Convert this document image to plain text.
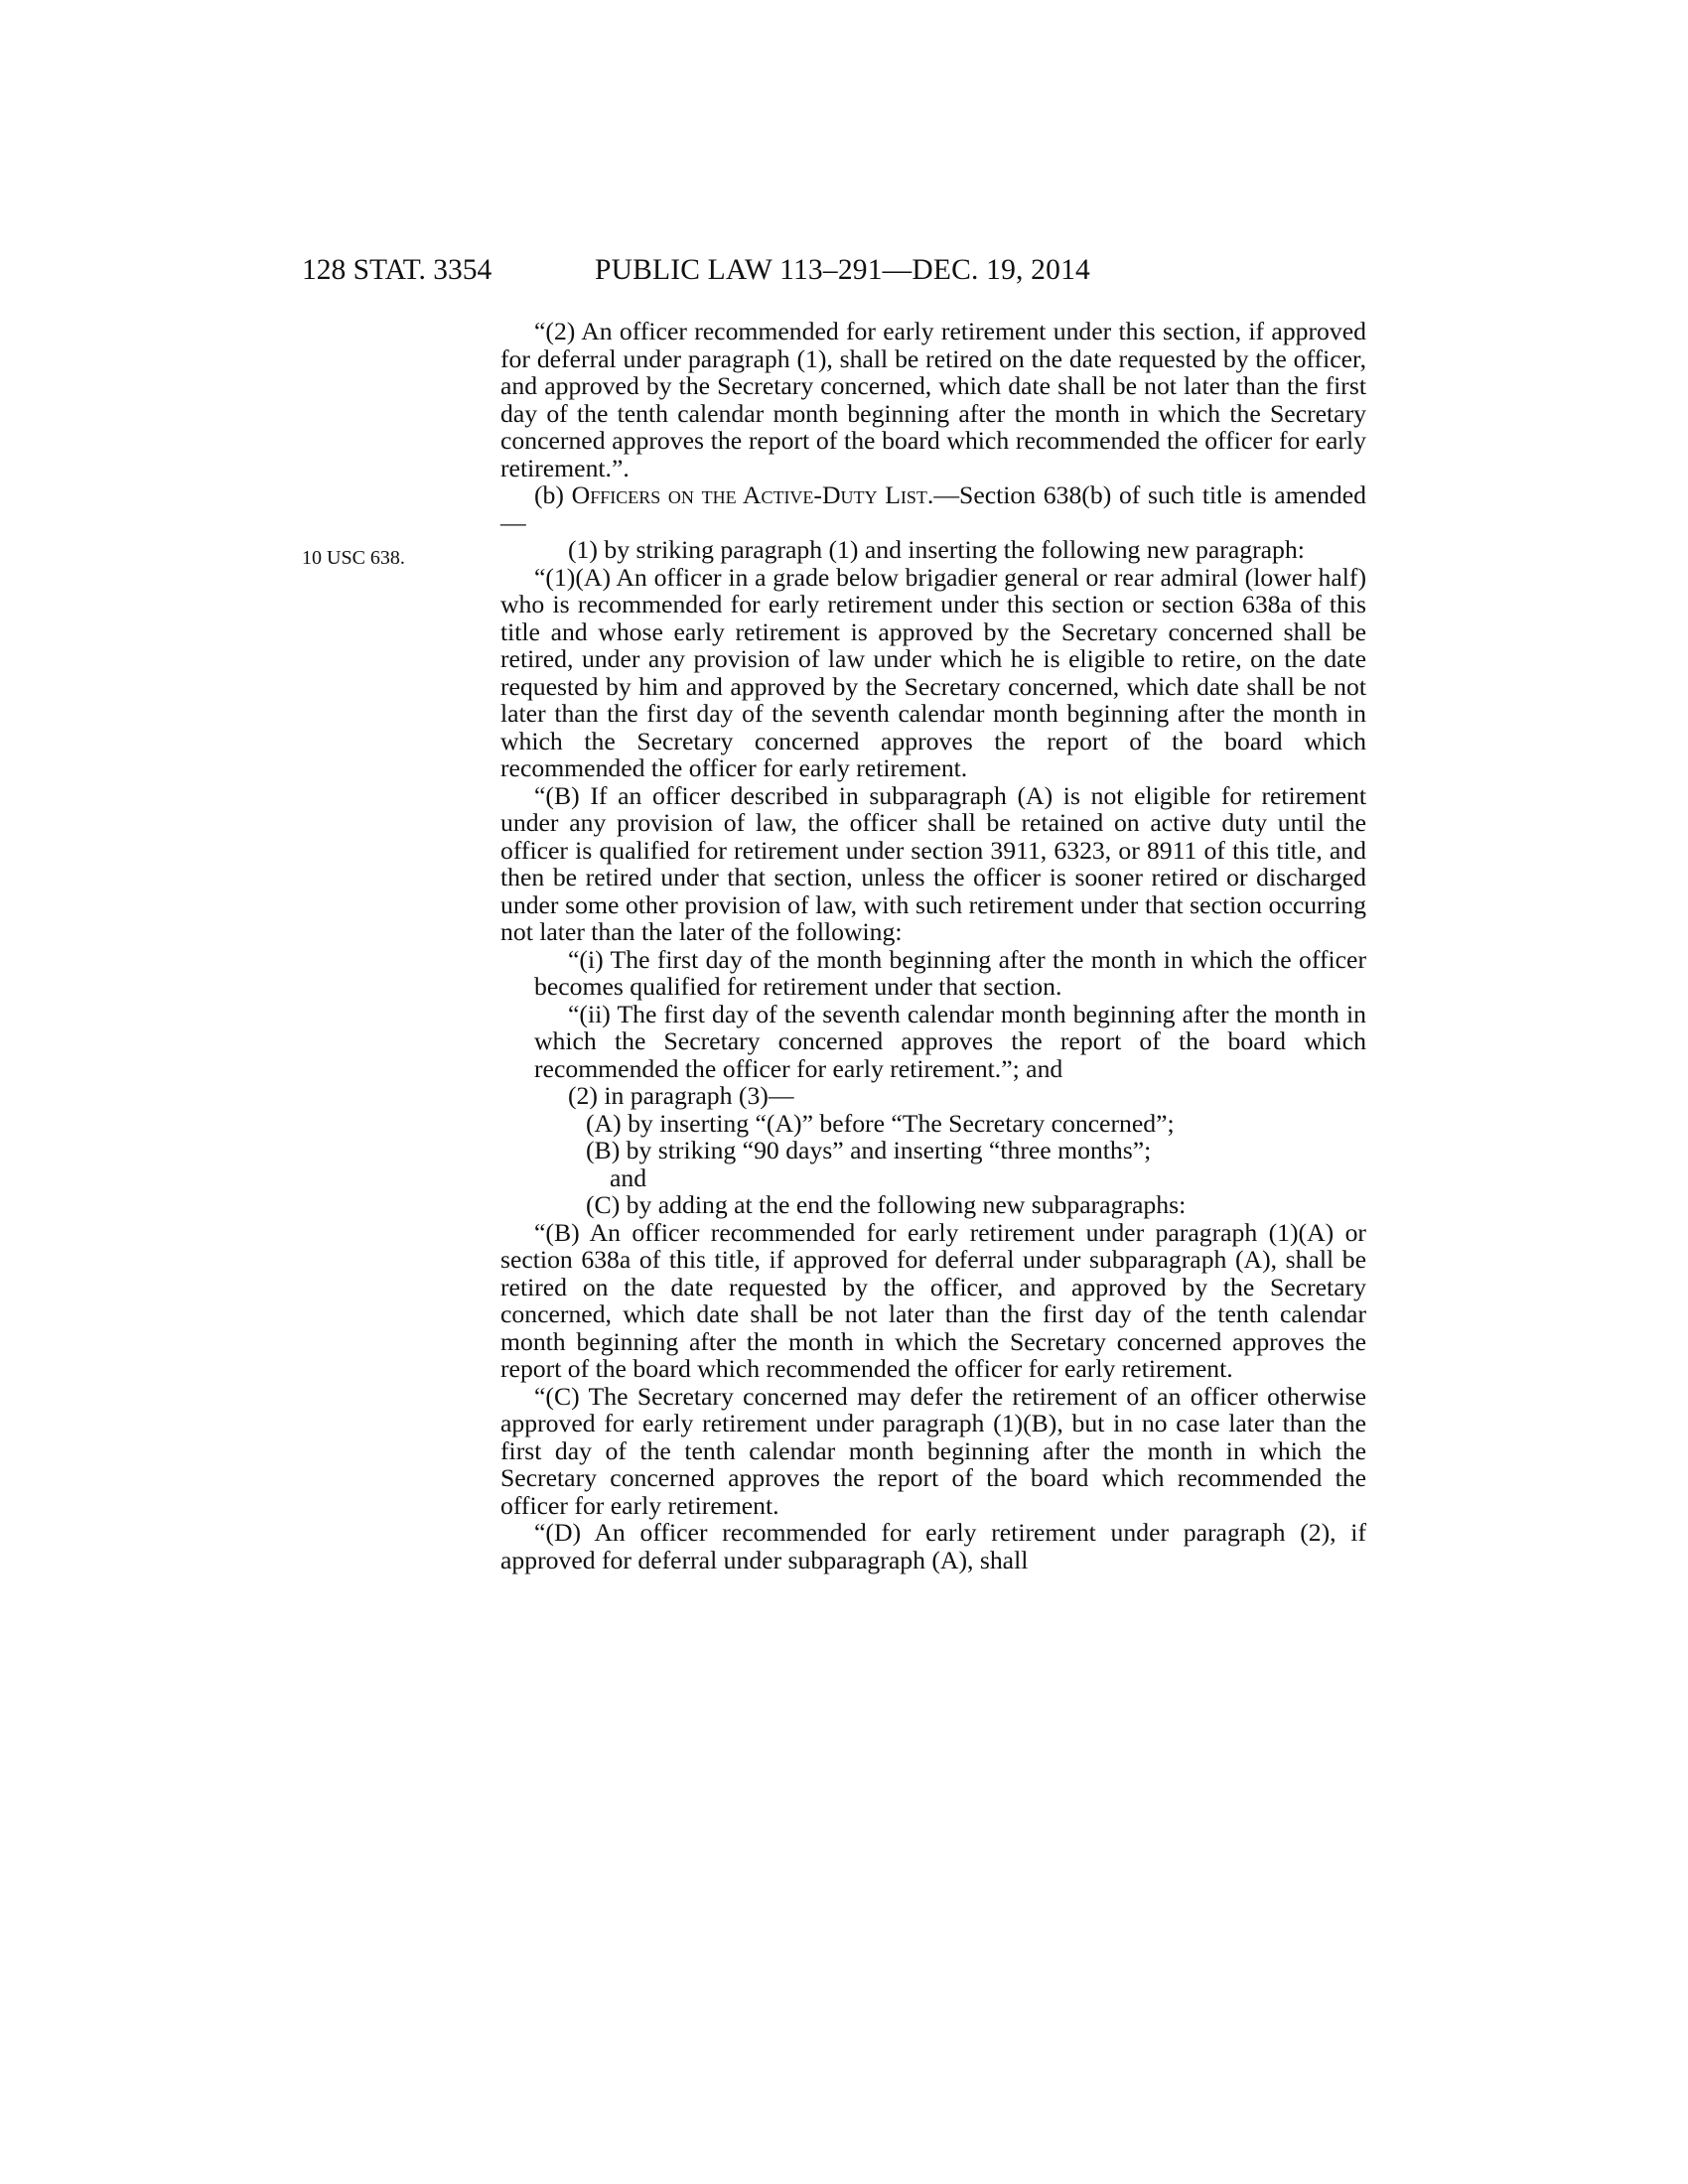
128 STAT. 3354	PUBLIC LAW 113–291—DEC. 19, 2014
10 USC 638.

“(2) An officer recommended for early retirement under this section, if approved for deferral under paragraph (1), shall be retired on the date requested by the officer, and approved by the Secretary concerned, which date shall be not later than the first day of the tenth calendar month beginning after the month in which the Secretary concerned approves the report of the board which recommended the officer for early retirement.”.

(b) Officers on the Active-Duty List.—Section 638(b) of such title is amended—

(1) by striking paragraph (1) and inserting the following new paragraph:

“(1)(A) An officer in a grade below brigadier general or rear admiral (lower half) who is recommended for early retirement under this section or section 638a of this title and whose early retirement is approved by the Secretary concerned shall be retired, under any provision of law under which he is eligible to retire, on the date requested by him and approved by the Secretary concerned, which date shall be not later than the first day of the seventh calendar month beginning after the month in which the Secretary concerned approves the report of the board which recommended the officer for early retirement.

“(B) If an officer described in subparagraph (A) is not eligible for retirement under any provision of law, the officer shall be retained on active duty until the officer is qualified for retirement under section 3911, 6323, or 8911 of this title, and then be retired under that section, unless the officer is sooner retired or discharged under some other provision of law, with such retirement under that section occurring not later than the later of the following:

“(i) The first day of the month beginning after the month in which the officer becomes qualified for retirement under that section.

“(ii) The first day of the seventh calendar month beginning after the month in which the Secretary concerned approves the report of the board which recommended the officer for early retirement.”; and

(2) in paragraph (3)—

(A) by inserting “(A)” before “The Secretary concerned”;

(B) by striking “90 days” and inserting “three months”;

and

(C) by adding at the end the following new subparagraphs:

“(B) An officer recommended for early retirement under paragraph (1)(A) or section 638a of this title, if approved for deferral under subparagraph (A), shall be retired on the date requested by the officer, and approved by the Secretary concerned, which date shall be not later than the first day of the tenth calendar month beginning after the month in which the Secretary concerned approves the report of the board which recommended the officer for early retirement.

“(C) The Secretary concerned may defer the retirement of an officer otherwise approved for early retirement under paragraph (1)(B), but in no case later than the first day of the tenth calendar month beginning after the month in which the Secretary concerned approves the report of the board which recommended the officer for early retirement.

“(D) An officer recommended for early retirement under paragraph (2), if approved for deferral under subparagraph (A), shall
